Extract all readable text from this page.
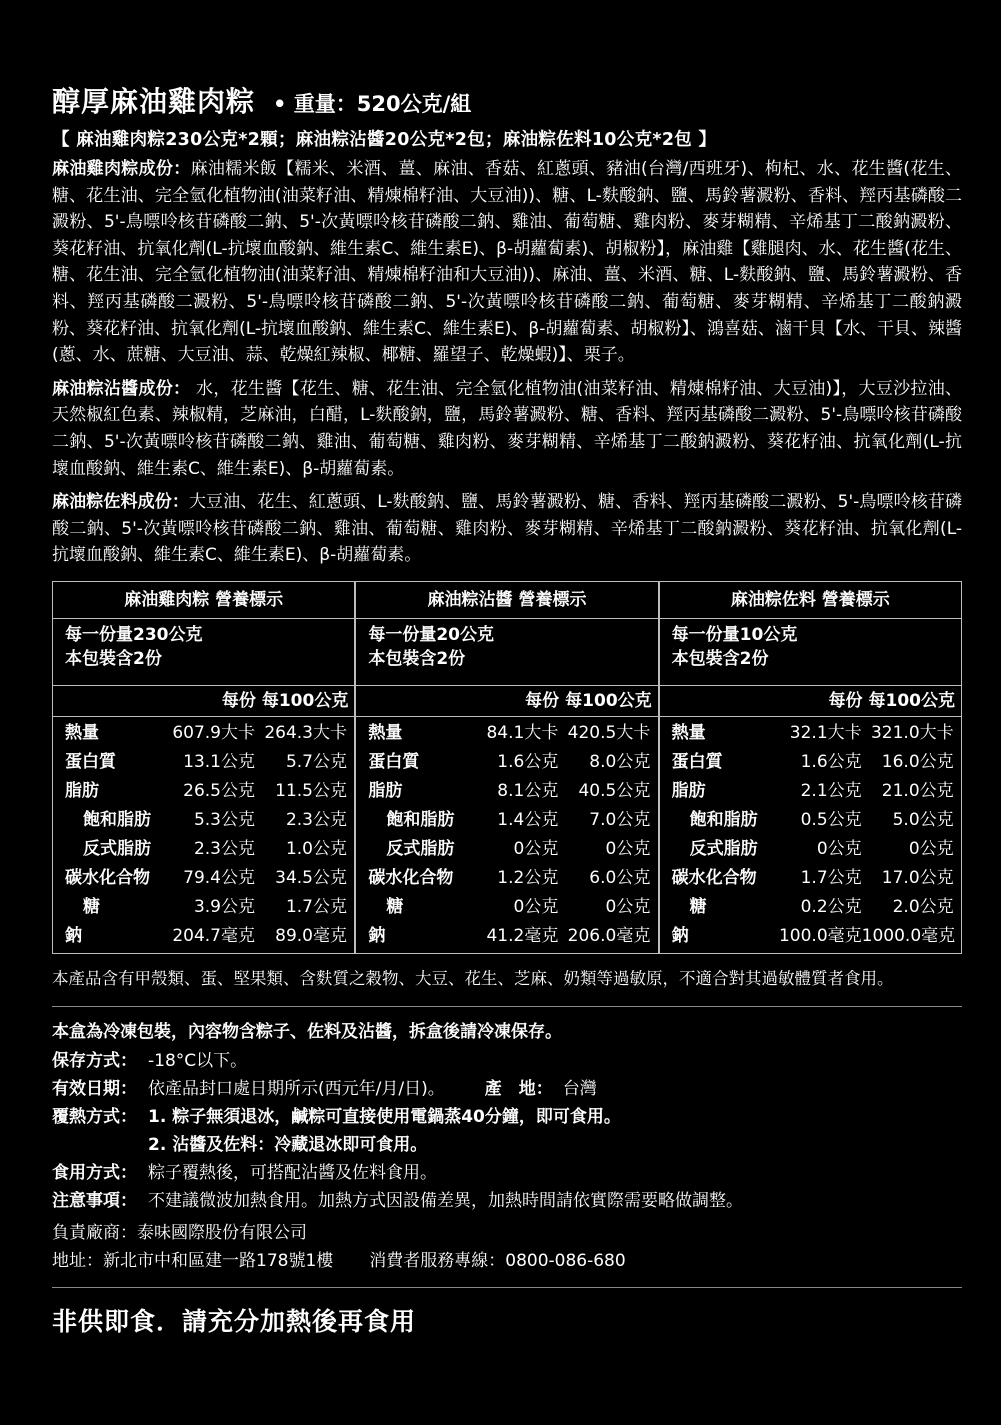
醇厚麻油雞肉粽 • 重量：520公克/組
【 麻油雞肉粽230公克*2顆；麻油粽沾醬20公克*2包；麻油粽佐料10公克*2包 】

麻油雞肉粽成份：麻油糯米飯【糯米、米酒、薑、麻油、香菇、紅蔥頭、豬油(台灣/西班牙)、枸杞、水、花生醬(花生、糖、花生油、完全氫化植物油(油菜籽油、精煉棉籽油、大豆油))、糖、L-麩酸鈉、鹽、馬鈴薯澱粉、香料、羥丙基磷酸二澱粉、5'-鳥嘌呤核苷磷酸二鈉、5'-次黃嘌呤核苷磷酸二鈉、雞油、葡萄糖、雞肉粉、麥芽糊精、辛烯基丁二酸鈉澱粉、葵花籽油、抗氧化劑(L-抗壞血酸鈉、維生素C、維生素E)、β-胡蘿蔔素)、胡椒粉】，麻油雞【雞腿肉、水、花生醬(花生、糖、花生油、完全氫化植物油(油菜籽油、精煉棉籽油和大豆油))、麻油、薑、米酒、糖、L-麩酸鈉、鹽、馬鈴薯澱粉、香料、羥丙基磷酸二澱粉、5'-鳥嘌呤核苷磷酸二鈉、5'-次黃嘌呤核苷磷酸二鈉、葡萄糖、麥芽糊精、辛烯基丁二酸鈉澱粉、葵花籽油、抗氧化劑(L-抗壞血酸鈉、維生素C、維生素E)、β-胡蘿蔔素、胡椒粉】、鴻喜菇、滷干貝【水、干貝、辣醬(蔥、水、蔗糖、大豆油、蒜、乾燥紅辣椒、椰糖、羅望子、乾燥蝦)】、栗子。

麻油粽沾醬成份： 水，花生醬【花生、糖、花生油、完全氫化植物油(油菜籽油、精煉棉籽油、大豆油)】，大豆沙拉油、天然椒紅色素、辣椒精，芝麻油，白醋，L-麩酸鈉，鹽，馬鈴薯澱粉、糖、香料、羥丙基磷酸二澱粉、5'-鳥嘌呤核苷磷酸二鈉、5'-次黃嘌呤核苷磷酸二鈉、雞油、葡萄糖、雞肉粉、麥芽糊精、辛烯基丁二酸鈉澱粉、葵花籽油、抗氧化劑(L-抗壞血酸鈉、維生素C、維生素E)、β-胡蘿蔔素。

麻油粽佐料成份：大豆油、花生、紅蔥頭、L-麩酸鈉、鹽、馬鈴薯澱粉、糖、香料、羥丙基磷酸二澱粉、5'-鳥嘌呤核苷磷酸二鈉、5'-次黃嘌呤核苷磷酸二鈉、雞油、葡萄糖、雞肉粉、麥芽糊精、辛烯基丁二酸鈉澱粉、葵花籽油、抗氧化劑(L-抗壞血酸鈉、維生素C、維生素E)、β-胡蘿蔔素。

麻油雞肉粽 營養標示
每一份量230公克
本包裝含2份
每份 每100公克
熱量	607.9大卡 264.3大卡
蛋白質	13.1公克	5.7公克
脂肪	26.5公克	11.5公克
飽和脂肪	5.3公克	2.3公克
反式脂肪	2.3公克	1.0公克
碳水化合物	79.4公克	34.5公克
糖	3.9公克	1.7公克
鈉	204.7毫克	89.0毫克
麻油粽沾醬 營養標示
每一份量20公克
本包裝含2份
每份 每100公克
熱量	84.1大卡 420.5大卡
蛋白質	1.6公克	8.0公克
脂肪	8.1公克	40.5公克
飽和脂肪	1.4公克	7.0公克
反式脂肪	0公克	0公克
碳水化合物	1.2公克	6.0公克
糖	0公克	0公克
鈉	41.2毫克 206.0毫克
麻油粽佐料 營養標示
每一份量10公克
本包裝含2份
每份 每100公克
熱量	32.1大卡 321.0大卡
蛋白質	1.6公克	16.0公克
脂肪	2.1公克	21.0公克
飽和脂肪	0.5公克	5.0公克
反式脂肪	0公克	0公克
碳水化合物	1.7公克	17.0公克
糖	0.2公克	2.0公克
鈉	100.0毫克 1000.0毫克
本產品含有甲殼類、蛋、堅果類、含麩質之穀物、大豆、花生、芝麻、奶類等過敏原，不適合對其過敏體質者食用。
本盒為冷凍包裝，內容物含粽子、佐料及沾醬，拆盒後請冷凍保存。
保存方式： -18°C以下。
有效日期： 依產品封口處日期所示(西元年/月/日)。 產　地： 台灣
覆熱方式： 1. 粽子無須退冰，鹹粽可直接使用電鍋蒸40分鐘，即可食用。
2. 沾醬及佐料：冷藏退冰即可食用。
食用方式： 粽子覆熱後，可搭配沾醬及佐料食用。
注意事項： 不建議微波加熱食用。加熱方式因設備差異，加熱時間請依實際需要略做調整。
負責廠商：泰味國際股份有限公司
地址：新北市中和區建一路178號1樓 消費者服務專線：0800-086-680
非供即食．請充分加熱後再食用
